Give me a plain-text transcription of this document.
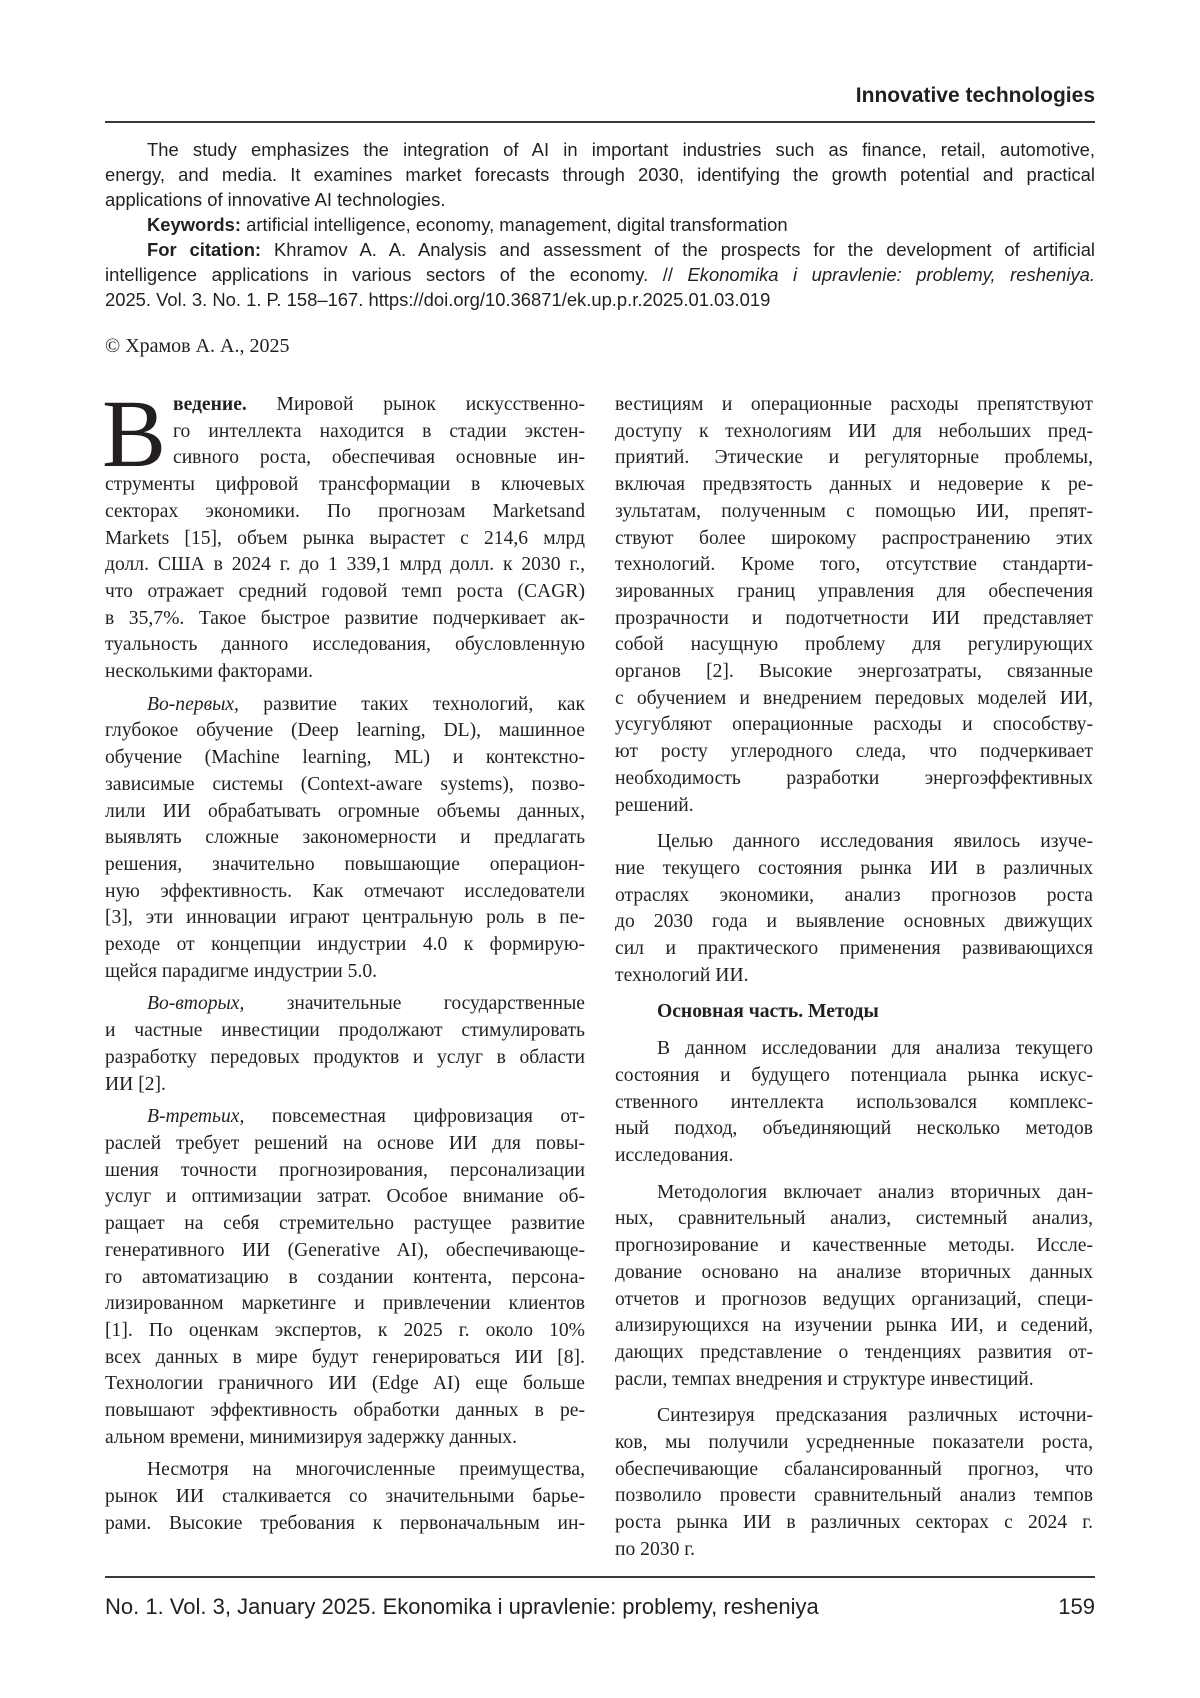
Innovative technologies
The study emphasizes the integration of AI in important industries such as finance, retail, automotive,
energy, and media. It examines market forecasts through 2030, identifying the growth potential and practical
applications of innovative AI technologies.
Keywords: artificial intelligence, economy, management, digital transformation
For citation: Khramov A. A. Analysis and assessment of the prospects for the development of artificial
intelligence applications in various sectors of the economy. // Ekonomika i upravlenie: problemy, resheniya.
2025. Vol. 3. No. 1. P. 158–167. https://doi.org/10.36871/ek.up.p.r.2025.01.03.019
© Храмов А. А., 2025
В ведение. Мировой рынок искусственно-
го интеллекта находится в стадии экстен-
сивного роста, обеспечивая основные ин-
струменты цифровой трансформации в ключевых
секторах экономики. По прогнозам Marketsand
Markets [15], объем рынка вырастет с 214,6 млрд
долл. США в 2024 г. до 1 339,1 млрд долл. к 2030 г.,
что отражает средний годовой темп роста (CAGR)
в 35,7%. Такое быстрое развитие подчеркивает ак-
туальность данного исследования, обусловленную
несколькими факторами.
Во-первых, развитие таких технологий, как
глубокое обучение (Deep learning, DL), машинное
обучение (Machine learning, ML) и контекстно-
зависимые системы (Context-aware systems), позво-
лили ИИ обрабатывать огромные объемы данных,
выявлять сложные закономерности и предлагать
решения, значительно повышающие операцион-
ную эффективность. Как отмечают исследователи
[3], эти инновации играют центральную роль в пе-
реходе от концепции индустрии 4.0 к формирую-
щейся парадигме индустрии 5.0.
Во-вторых, значительные государственные
и частные инвестиции продолжают стимулировать
разработку передовых продуктов и услуг в области
ИИ [2].
В-третьих, повсеместная цифровизация от-
раслей требует решений на основе ИИ для повы-
шения точности прогнозирования, персонализации
услуг и оптимизации затрат. Особое внимание об-
ращает на себя стремительно растущее развитие
генеративного ИИ (Generative AI), обеспечивающе-
го автоматизацию в создании контента, персона-
лизированном маркетинге и привлечении клиентов
[1]. По оценкам экспертов, к 2025 г. около 10%
всех данных в мире будут генерироваться ИИ [8].
Технологии граничного ИИ (Edge AI) еще больше
повышают эффективность обработки данных в ре-
альном времени, минимизируя задержку данных.
Несмотря на многочисленные преимущества,
рынок ИИ сталкивается со значительными барье-
рами. Высокие требования к первоначальным ин-
вестициям и операционные расходы препятствуют
доступу к технологиям ИИ для небольших пред-
приятий. Этические и регуляторные проблемы,
включая предвзятость данных и недоверие к ре-
зультатам, полученным с помощью ИИ, препят-
ствуют более широкому распространению этих
технологий. Кроме того, отсутствие стандарти-
зированных границ управления для обеспечения
прозрачности и подотчетности ИИ представляет
собой насущную проблему для регулирующих
органов [2]. Высокие энергозатраты, связанные
с обучением и внедрением передовых моделей ИИ,
усугубляют операционные расходы и способству-
ют росту углеродного следа, что подчеркивает
необходимость разработки энергоэффективных
решений.
Целью данного исследования явилось изуче-
ние текущего состояния рынка ИИ в различных
отраслях экономики, анализ прогнозов роста
до 2030 года и выявление основных движущих
сил и практического применения развивающихся
технологий ИИ.
Основная часть. Методы
В данном исследовании для анализа текущего
состояния и будущего потенциала рынка искус-
ственного интеллекта использовался комплекс-
ный подход, объединяющий несколько методов
исследования.
Методология включает анализ вторичных дан-
ных, сравнительный анализ, системный анализ,
прогнозирование и качественные методы. Иссле-
дование основано на анализе вторичных данных
отчетов и прогнозов ведущих организаций, специ-
ализирующихся на изучении рынка ИИ, и седений,
дающих представление о тенденциях развития от-
расли, темпах внедрения и структуре инвестиций.
Синтезируя предсказания различных источни-
ков, мы получили усредненные показатели роста,
обеспечивающие сбалансированный прогноз, что
позволило провести сравнительный анализ темпов
роста рынка ИИ в различных секторах с 2024 г.
по 2030 г.
No. 1. Vol. 3, January 2025. Ekonomika i upravlenie: problemy, resheniya	159
